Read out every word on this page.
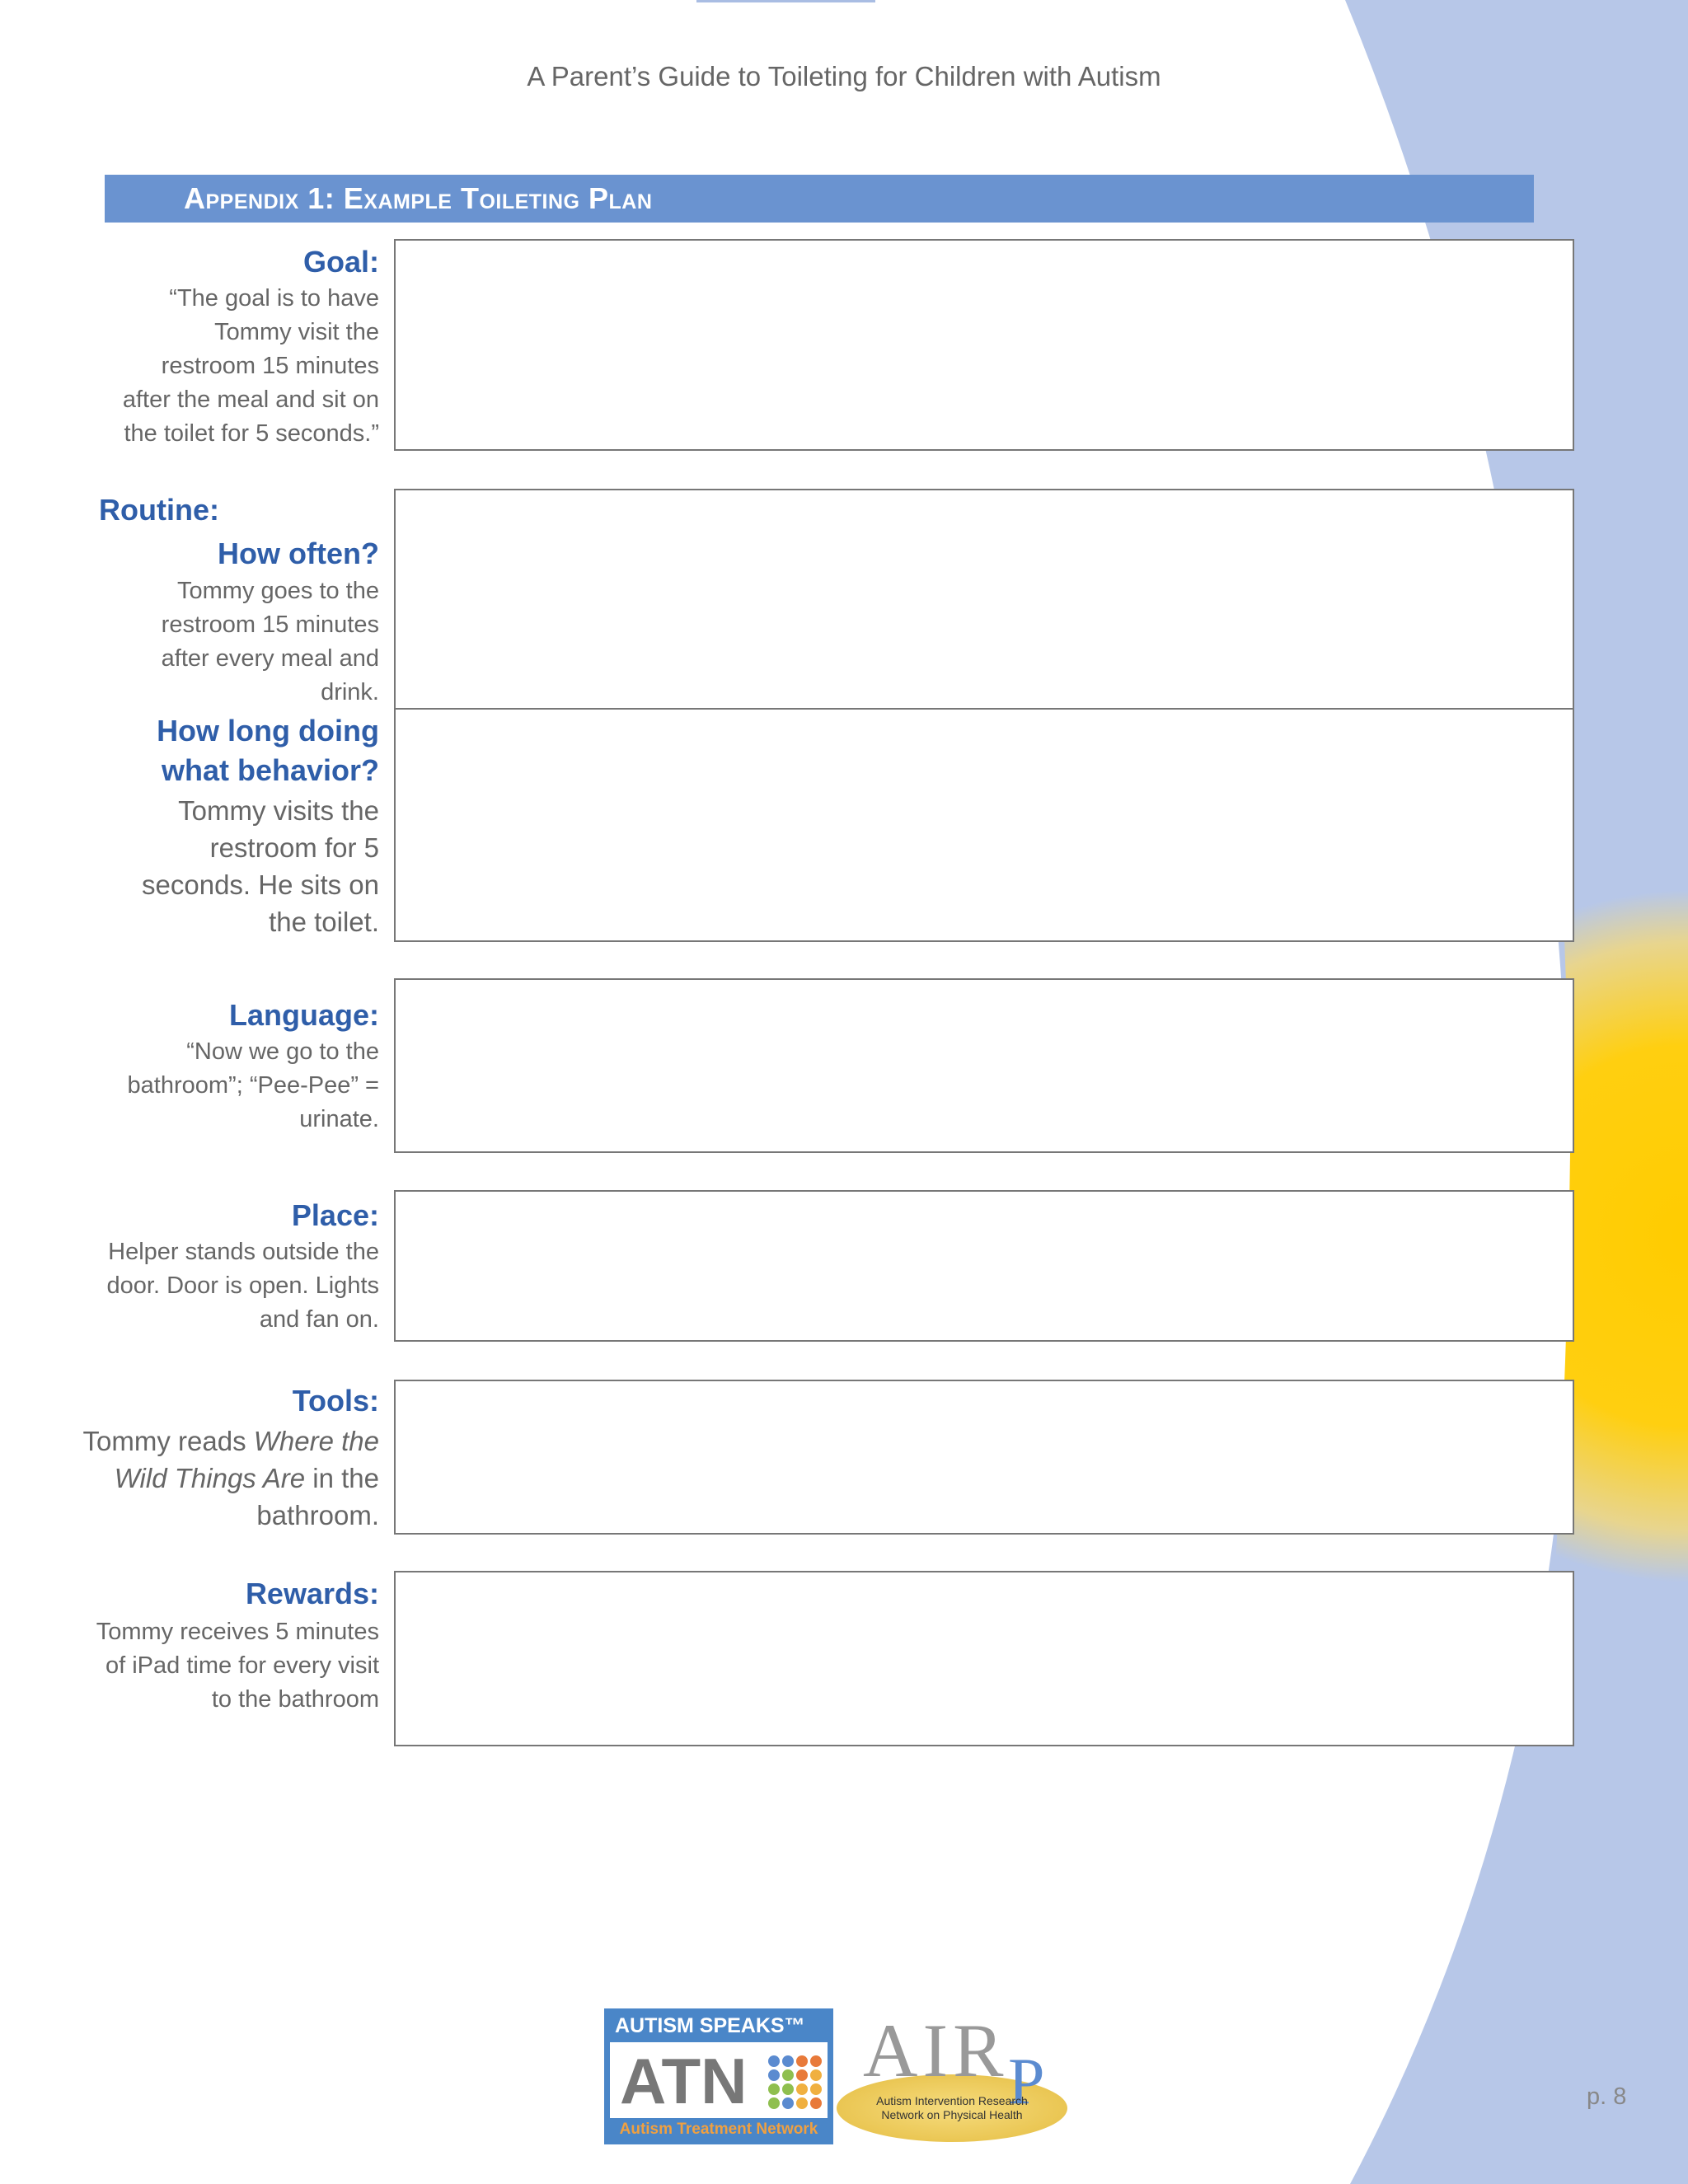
A Parent’s Guide to Toileting for Children with Autism
Appendix 1: Example Toileting Plan
Goal:

“The goal is to have

Tommy visit the

restroom 15 minutes

after the meal and sit on

the toilet for 5 seconds.”

Routine:
How often?

Tommy goes to the

restroom 15 minutes

after every meal and

drink.

How long doing
what behavior?

Tommy visits the

restroom for 5

seconds. He sits on

the toilet.

Language:

“Now we go to the

bathroom”; “Pee-Pee” =

urinate.

Place:

Helper stands outside the

door. Door is open. Lights

and fan on.

Tools:

Tommy reads Where the

Wild Things Are in the

bathroom.

Rewards:

Tommy receives 5 minutes

of iPad time for every visit

to the bathroom

AUTISM SPEAKS™
ATN
Autism Treatment Network
AIR P
Autism Intervention Research
Network on Physical Health
p. 8
